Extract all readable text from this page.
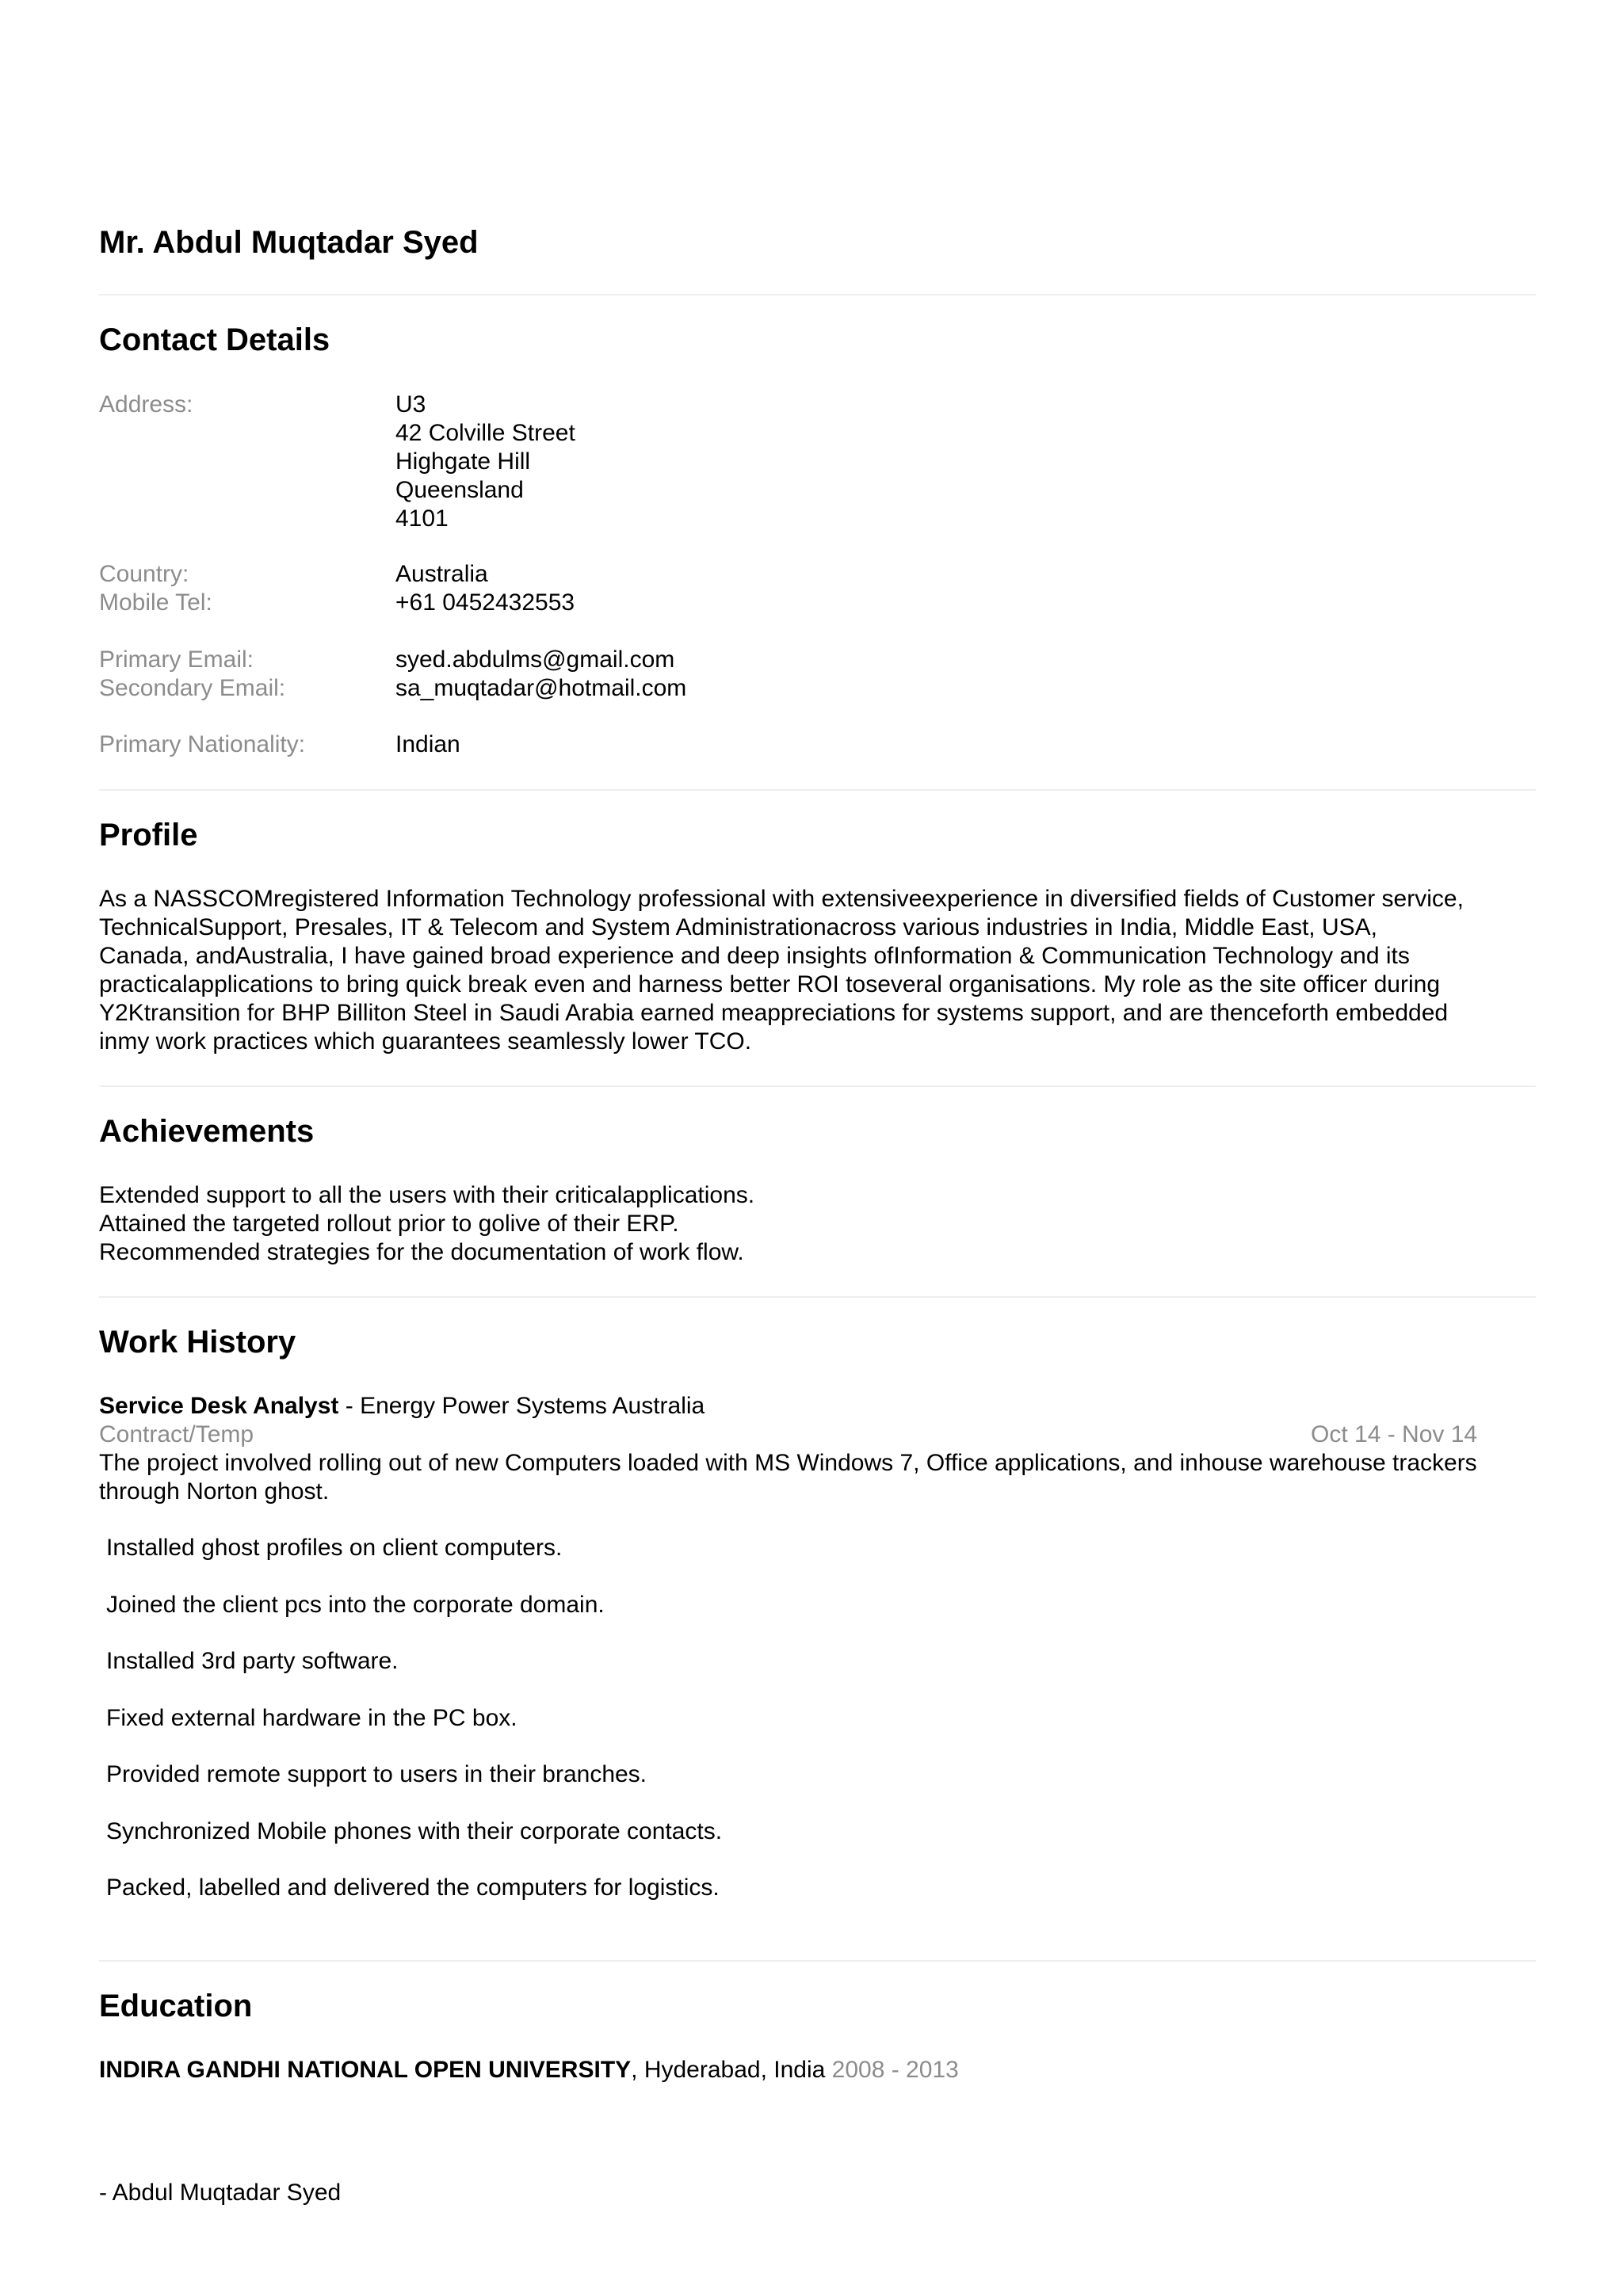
Mr. Abdul Muqtadar Syed
Contact Details
Address:	U3
42 Colville Street
Highgate Hill
Queensland
4101
Country:	Australia
Mobile Tel:	+61 0452432553
Primary Email:	syed.abdulms@gmail.com
Secondary Email:	sa_muqtadar@hotmail.com
Primary Nationality:	Indian
Profile
As a NASSCOMregistered Information Technology professional with extensiveexperience in diversified fields of Customer service,
TechnicalSupport, Presales, IT & Telecom and System Administrationacross various industries in India, Middle East, USA,
Canada, andAustralia, I have gained broad experience and deep insights ofInformation & Communication Technology and its
practicalapplications to bring quick break even and harness better ROI toseveral organisations. My role as the site officer during
Y2Ktransition for BHP Billiton Steel in Saudi Arabia earned meappreciations for systems support, and are thenceforth embedded
inmy work practices which guarantees seamlessly lower TCO.
Achievements
Extended support to all the users with their criticalapplications.
Attained the targeted rollout prior to golive of their ERP.
Recommended strategies for the documentation of work flow.
Work History
Service Desk Analyst - Energy Power Systems Australia
Contract/Temp	Oct 14 - Nov 14
The project involved rolling out of new Computers loaded with MS Windows 7, Office applications, and inhouse warehouse trackers
through Norton ghost.
Installed ghost profiles on client computers.
Joined the client pcs into the corporate domain.
Installed 3rd party software.
Fixed external hardware in the PC box.
Provided remote support to users in their branches.
Synchronized Mobile phones with their corporate contacts.
Packed, labelled and delivered the computers for logistics.
Education
INDIRA GANDHI NATIONAL OPEN UNIVERSITY, Hyderabad, India 2008 - 2013
- Abdul Muqtadar Syed
